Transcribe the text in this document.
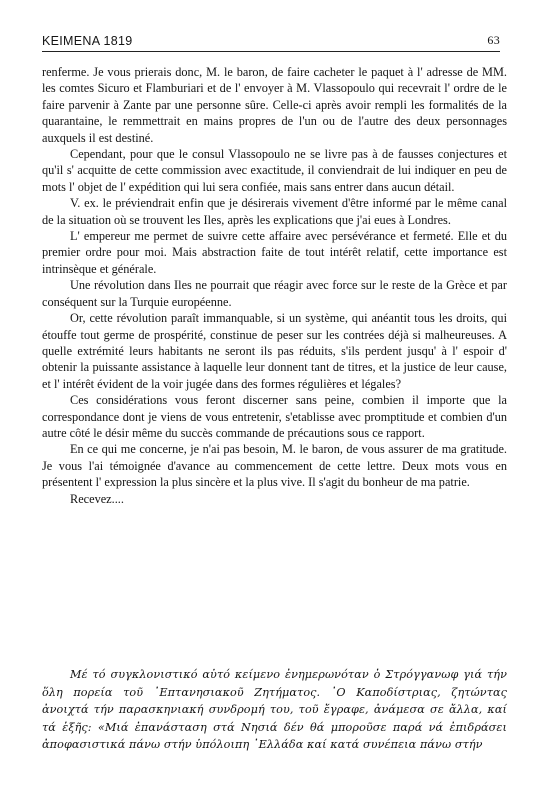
ΚΕΙΜΕΝΑ 1819	63

renferme. Je vous prierais donc, M. le baron, de faire cacheter le paquet à l' adresse de MM. les comtes Sicuro et Flamburiari et de l' envoyer à M. Vlassopoulo qui recevrait l' ordre de le faire parvenir à Zante par une personne sûre. Celle-ci après avoir rempli les formalités de la quarantaine, le remmettrait en mains propres de l'un ou de l'autre des deux personnages auxquels il est destiné.

Cependant, pour que le consul Vlassopoulo ne se livre pas à de fausses conjectures et qu'il s' acquitte de cette commission avec exactitude, il conviendrait de lui indiquer en peu de mots l' objet de l' expédition qui lui sera confiée, mais sans entrer dans aucun détail.

V. ex. le préviendrait enfin que je désirerais vivement d'être informé par le même canal de la situation où se trouvent les Iles, après les explications que j'ai eues à Londres.

L' empereur me permet de suivre cette affaire avec persévérance et fermeté. Elle et du premier ordre pour moi. Mais abstraction faite de tout intérêt relatif, cette importance est intrinsèque et générale.

Une révolution dans Iles ne pourrait que réagir avec force sur le reste de la Grèce et par conséquent sur la Turquie européenne.

Or, cette révolution paraît immanquable, si un système, qui anéantit tous les droits, qui étouffe tout germe de prospérité, constinue de peser sur les contrées déjà si malheureuses. A quelle extrémité leurs habitants ne seront ils pas réduits, s'ils perdent jusqu' à l' espoir d' obtenir la puissante assistance à laquelle leur donnent tant de titres, et la justice de leur cause, et l' intérêt évident de la voir jugée dans des formes régulières et légales?

Ces considérations vous feront discerner sans peine, combien il importe que la correspondance dont je viens de vous entretenir, s'etablisse avec promptitude et combien d'un autre côté le désir même du succès commande de précautions sous ce rapport.

En ce qui me concerne, je n'ai pas besoin, M. le baron, de vous assurer de ma gratitude. Je vous l'ai témoignée d'avance au commencement de cette lettre. Deux mots vous en présentent l' expression la plus sincère et la plus vive. Il s'agit du bonheur de ma patrie.

Recevez....

Μέ τό συγκλονιστικό αὐτό κείμενο ἐνημερωνόταν ὁ Στρόγγανωφ γιά τήν ὅλη πορεία τοῦ ᾿Επτανησιακοῦ Ζητήματος. ᾿Ο Καποδίστριας, ζητώντας ἀνοιχτά τήν παρασκηνιακή συνδρομή του, τοῦ ἔγραφε, ἀνάμεσα σε ἄλλα, καί τά ἑξῆς: «Μιά ἐπανάσταση στά Νησιά δέν θά μποροῦσε παρά νά ἐπιδράσει ἀποφασιστικά πάνω στήν ὑπόλοιπη ᾿Ελλάδα καί κατά συνέπεια πάνω στήν
